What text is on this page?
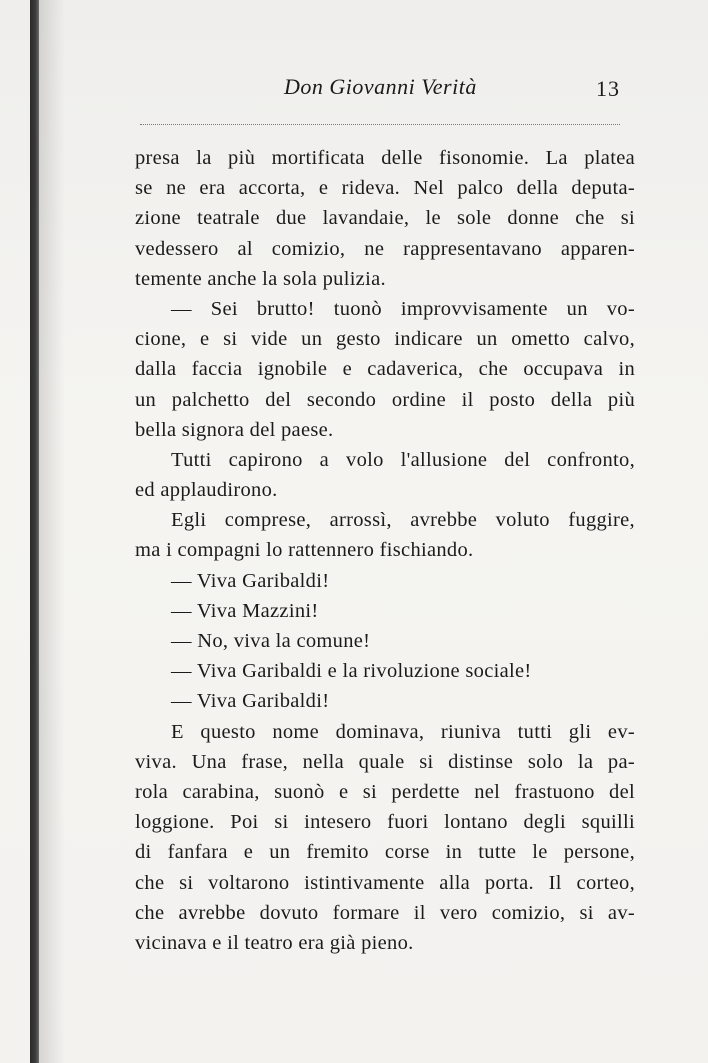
Don Giovanni Verità	13
presa la più mortificata delle fisonomie. La platea
se ne era accorta, e rideva. Nel palco della deputa-
zione teatrale due lavandaie, le sole donne che si
vedessero al comizio, ne rappresentavano apparen-
temente anche la sola pulizia.
— Sei brutto! tuonò improvvisamente un vo-
cione, e si vide un gesto indicare un ometto calvo,
dalla faccia ignobile e cadaverica, che occupava in
un palchetto del secondo ordine il posto della più
bella signora del paese.
Tutti capirono a volo l'allusione del confronto,
ed applaudirono.
Egli comprese, arrossì, avrebbe voluto fuggire,
ma i compagni lo rattennero fischiando.
— Viva Garibaldi!
— Viva Mazzini!
— No, viva la comune!
— Viva Garibaldi e la rivoluzione sociale!
— Viva Garibaldi!
E questo nome dominava, riuniva tutti gli ev-
viva. Una frase, nella quale si distinse solo la pa-
rola carabina, suonò e si perdette nel frastuono del
loggione. Poi si intesero fuori lontano degli squilli
di fanfara e un fremito corse in tutte le persone,
che si voltarono istintivamente alla porta. Il corteo,
che avrebbe dovuto formare il vero comizio, si av-
vicinava e il teatro era già pieno.
